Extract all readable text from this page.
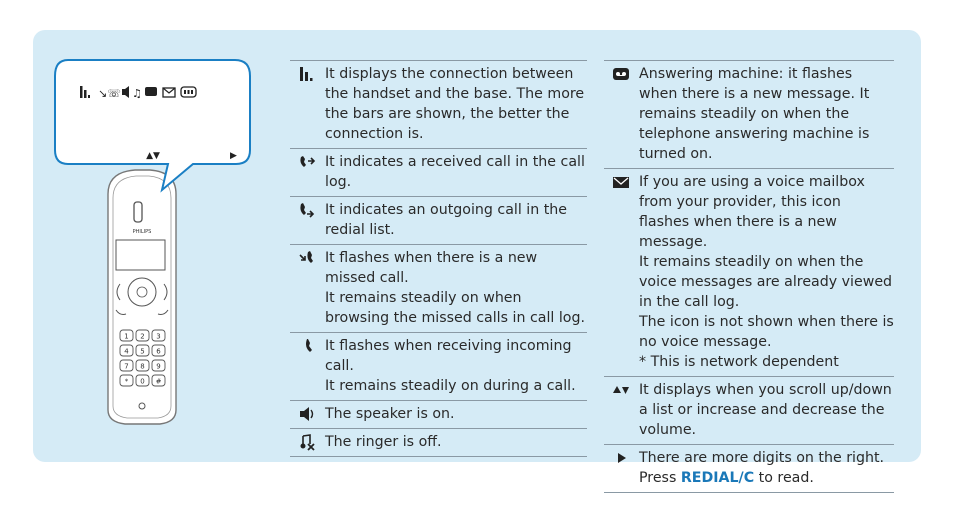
PHILIPS
1 2 3
4 5 6
7 8 9
* 0 #
↘☏ ♫
▲▼	▶

It displays the connection between the handset and the base. The more the bars are shown, the better the connection is.

It indicates a received call in the call log.

It indicates an outgoing call in the redial list.

It flashes when there is a new missed call.

It remains steadily on when browsing the missed calls in call log.

It flashes when receiving incoming call.

It remains steadily on during a call.

The speaker is on.

The ringer is off.

Answering machine: it flashes when there is a new message. It remains steadily on when the telephone answering machine is turned on.

If you are using a voice mailbox from your provider, this icon flashes when there is a new message.

It remains steadily on when the voice messages are already viewed in the call log.

The icon is not shown when there is no voice message.

* This is network dependent

It displays when you scroll up/down a list or increase and decrease the volume.

There are more digits on the right. Press REDIAL/C to read.
